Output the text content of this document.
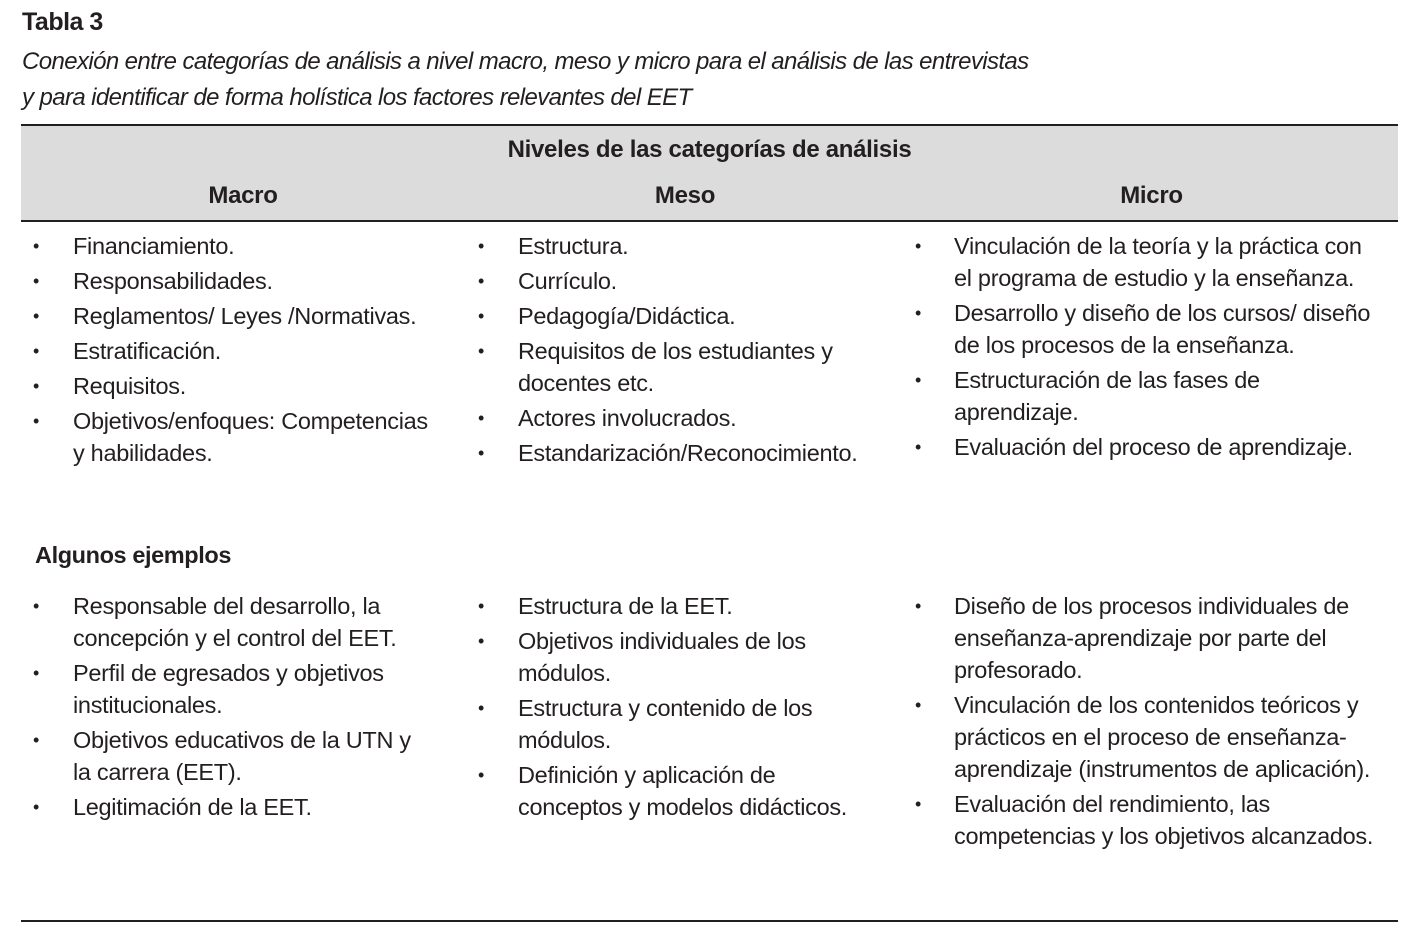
Tabla 3
Conexión entre categorías de análisis a nivel macro, meso y micro para el análisis de las entrevistas
y para identificar de forma holística los factores relevantes del EET
Niveles de las categorías de análisis
Macro	Meso	Micro
• Financiamiento.
• Responsabilidades.
• Reglamentos/ Leyes /Normativas.
• Estratificación.
• Requisitos.
• Objetivos/enfoques: Competencias y habilidades.
• Estructura.
• Currículo.
• Pedagogía/Didáctica.
• Requisitos de los estudiantes y docentes etc.
• Actores involucrados.
• Estandarización/Reconocimiento.
• Vinculación de la teoría y la práctica con el programa de estudio y la enseñanza.
• Desarrollo y diseño de los cursos/ diseño de los procesos de la enseñanza.
• Estructuración de las fases de aprendizaje.
• Evaluación del proceso de aprendizaje.
Algunos ejemplos
• Responsable del desarrollo, la concepción y el control del EET.
• Perfil de egresados y objetivos institucionales.
• Objetivos educativos de la UTN y la carrera (EET).
• Legitimación de la EET.
• Estructura de la EET.
• Objetivos individuales de los módulos.
• Estructura y contenido de los módulos.
• Definición y aplicación de conceptos y modelos didácticos.
• Diseño de los procesos individuales de enseñanza-aprendizaje por parte del profesorado.
• Vinculación de los contenidos teóricos y prácticos en el proceso de enseñanza-aprendizaje (instrumentos de aplicación).
• Evaluación del rendimiento, las competencias y los objetivos alcanzados.
